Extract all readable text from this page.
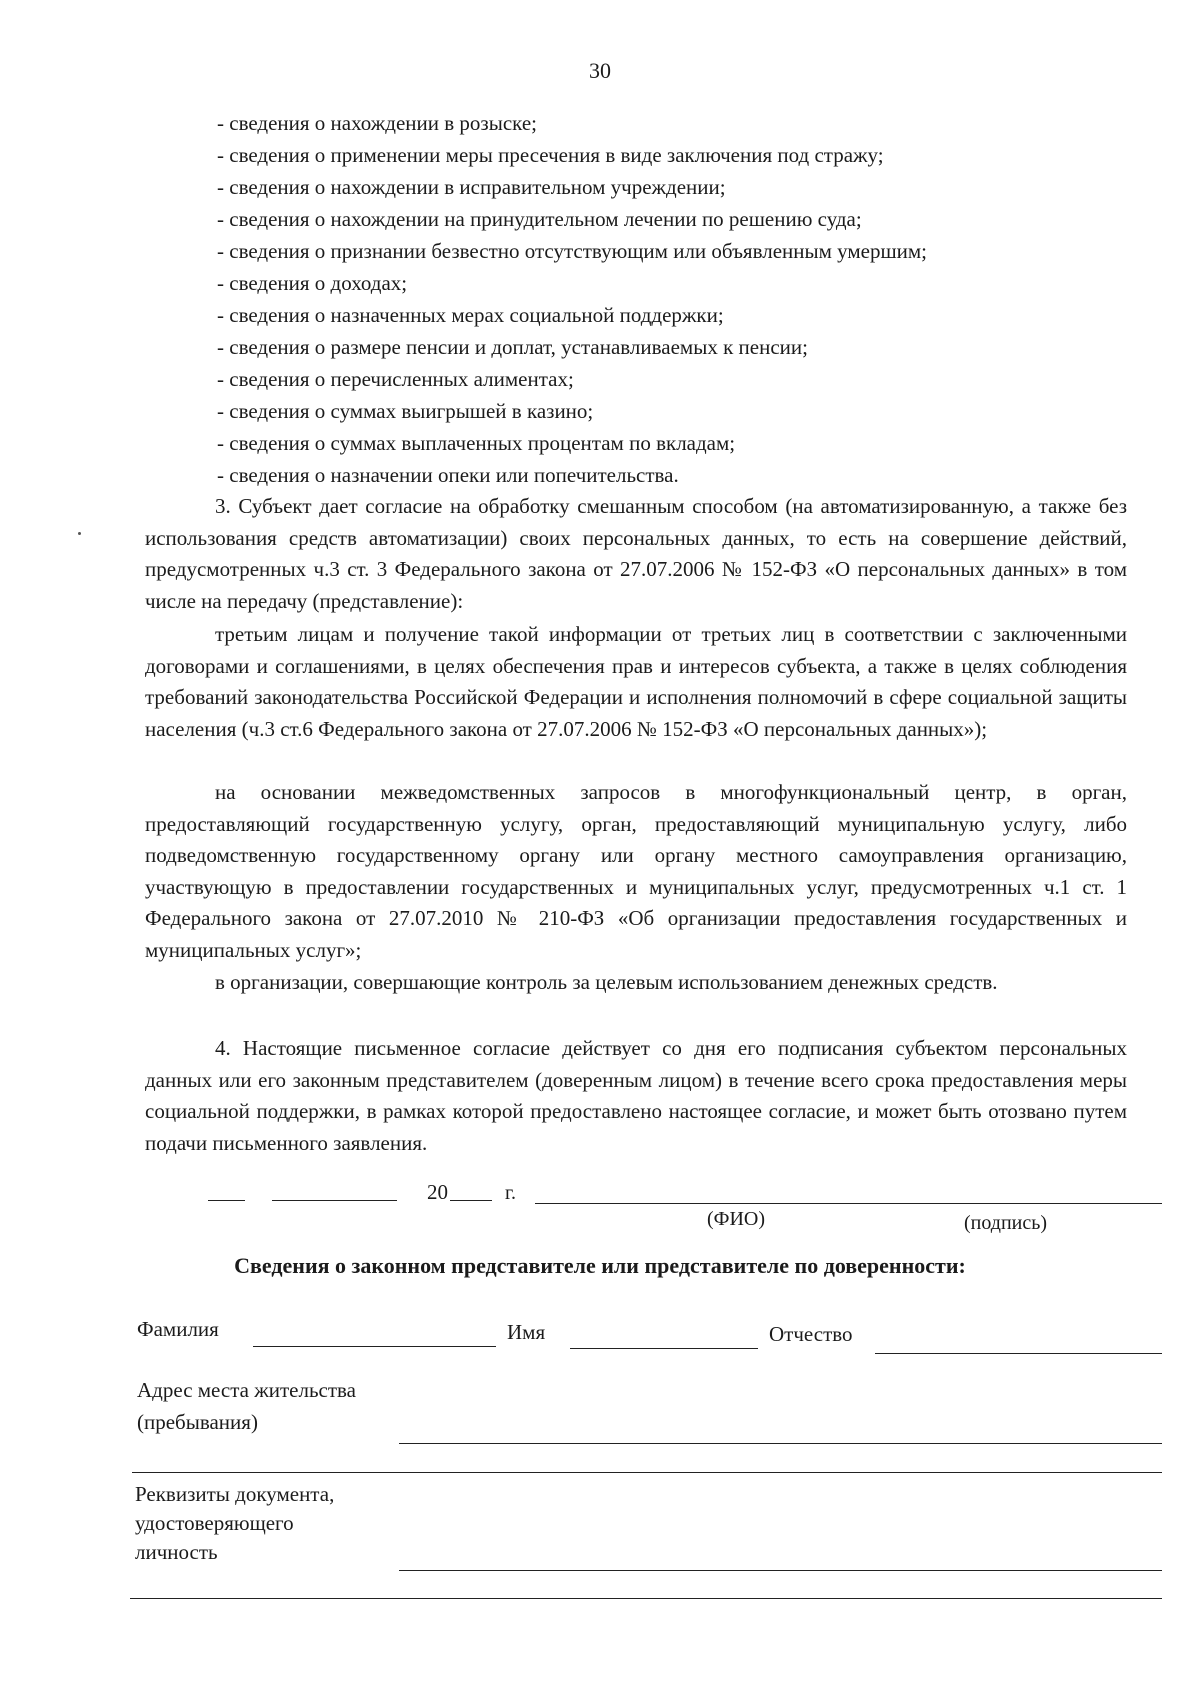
30
- сведения о нахождении в розыске;
- сведения о применении меры пресечения в виде заключения под стражу;
- сведения о нахождении в исправительном учреждении;
- сведения о нахождении на принудительном лечении по решению суда;
- сведения о признании безвестно отсутствующим или объявленным умершим;
- сведения о доходах;
- сведения о назначенных мерах социальной поддержки;
- сведения о размере пенсии и доплат, устанавливаемых к пенсии;
- сведения о перечисленных алиментах;
- сведения о суммах выигрышей в казино;
- сведения о суммах выплаченных процентам по вкладам;
- сведения о назначении опеки или попечительства.
3. Субъект дает согласие на обработку смешанным способом (на автоматизированную, а также без использования средств автоматизации) своих персональных данных, то есть на совершение действий, предусмотренных ч.3 ст. 3 Федерального закона от 27.07.2006 № 152-ФЗ «О персональных данных» в том числе на передачу (представление):
третьим лицам и получение такой информации от третьих лиц в соответствии с заключенными договорами и соглашениями, в целях обеспечения прав и интересов субъекта, а также в целях соблюдения требований законодательства Российской Федерации и исполнения полномочий в сфере социальной защиты населения (ч.3 ст.6 Федерального закона от 27.07.2006 № 152-ФЗ «О персональных данных»);
на основании межведомственных запросов в многофункциональный центр, в орган, предоставляющий государственную услугу, орган, предоставляющий муниципальную услугу, либо подведомственную государственному органу или органу местного самоуправления организацию, участвующую в предоставлении государственных и муниципальных услуг, предусмотренных ч.1 ст. 1 Федерального закона от 27.07.2010 № 210-ФЗ «Об организации предоставления государственных и муниципальных услуг»;
в организации, совершающие контроль за целевым использованием денежных средств.
4. Настоящие письменное согласие действует со дня его подписания субъектом персональных данных или его законным представителем (доверенным лицом) в течение всего срока предоставления меры социальной поддержки, в рамках которой предоставлено настоящее согласие, и может быть отозвано путем подачи письменного заявления.
20	г.
(ФИО)	(подпись)
Сведения о законном представителе или представителе по доверенности:
Фамилия	Имя	Отчество
Адрес места жительства
(пребывания)
Реквизиты документа,
удостоверяющего
личность
